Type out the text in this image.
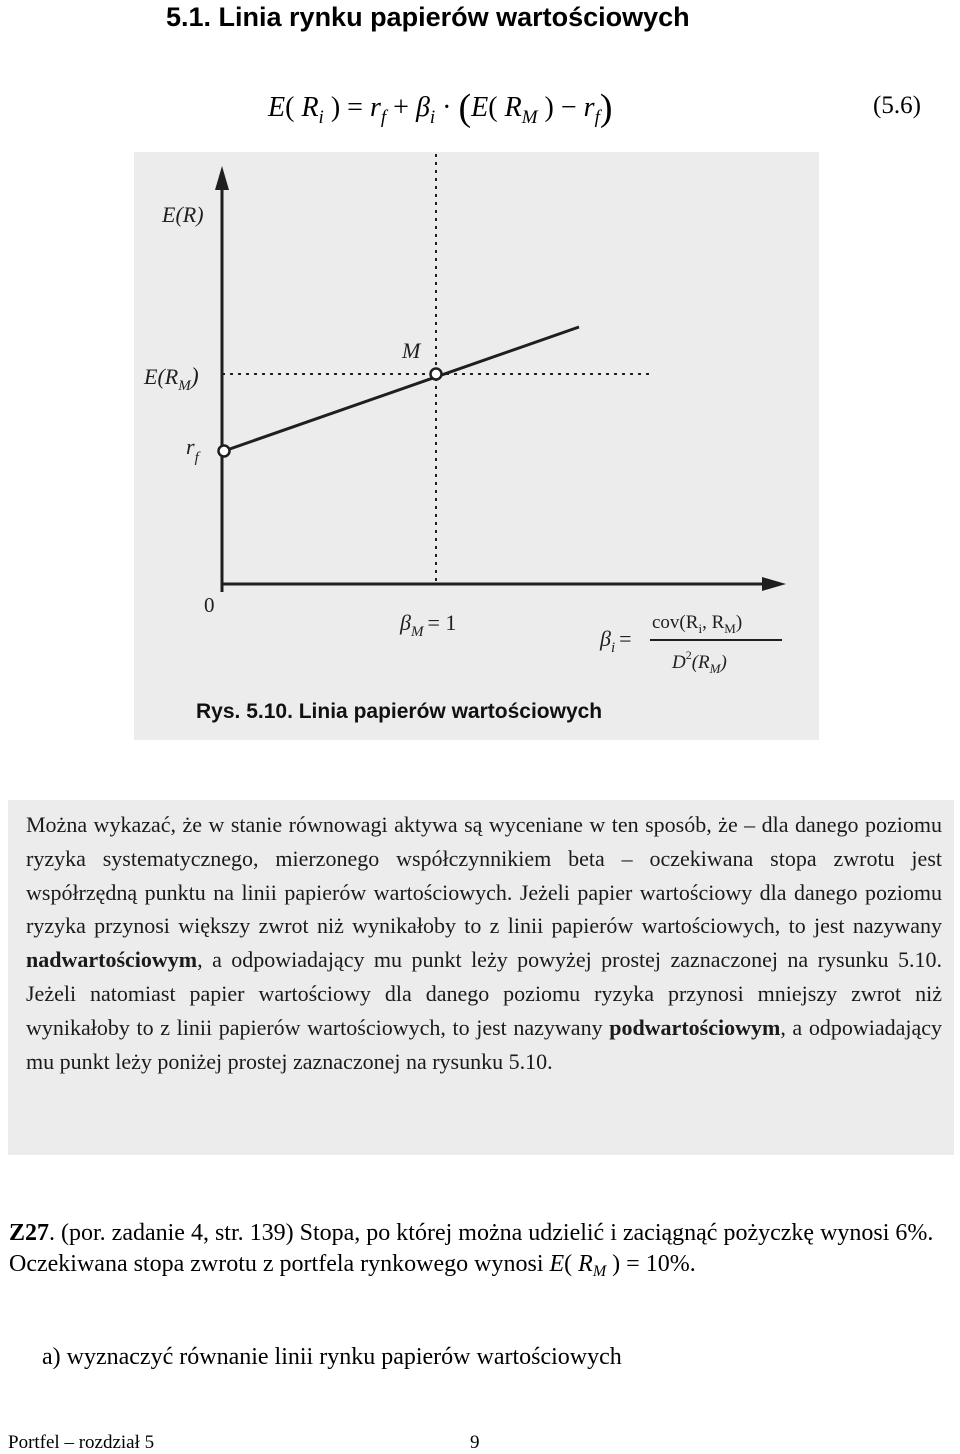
5.1. Linia rynku papierów wartościowych
E( $R_i$ ) = $r_f + \beta_i \cdot (E$( $R_M$ ) − $r_f$)	(5.6)
E(R)
$E(R_M)$
$r_f$
0
M
$\beta_M = 1$
$\beta_i$ =
$cov(R_i$, $R_M$)
$D^2(R_M)$
Rys. 5.10. Linia papierów wartościowych
Można wykazać, że w stanie równowagi aktywa są wyceniane w ten sposób, że – dla danego poziomu ryzyka systematycznego, mierzonego współczynnikiem beta – oczekiwana stopa zwrotu jest współrzędną punktu na linii papierów wartościowych. Jeżeli papier wartościowy dla danego poziomu ryzyka przynosi większy zwrot niż wynikałoby to z linii papierów wartościowych, to jest nazywany nadwartościowym, a odpowiadający mu punkt leży powyżej prostej zaznaczonej na rysunku 5.10. Jeżeli natomiast papier wartościowy dla danego poziomu ryzyka przynosi mniejszy zwrot niż wynikałoby to z linii papierów wartościowych, to jest nazywany podwartościowym, a odpowiadający mu punkt leży poniżej prostej zaznaczonej na rysunku 5.10.
Z27. (por. zadanie 4, str. 139) Stopa, po której można udzielić i zaciągnąć pożyczkę wynosi 6%. Oczekiwana stopa zwrotu z portfela rynkowego wynosi E( $R_M$ ) = 10%.
a) wyznaczyć równanie linii rynku papierów wartościowych
Portfel – rozdział 5	9
